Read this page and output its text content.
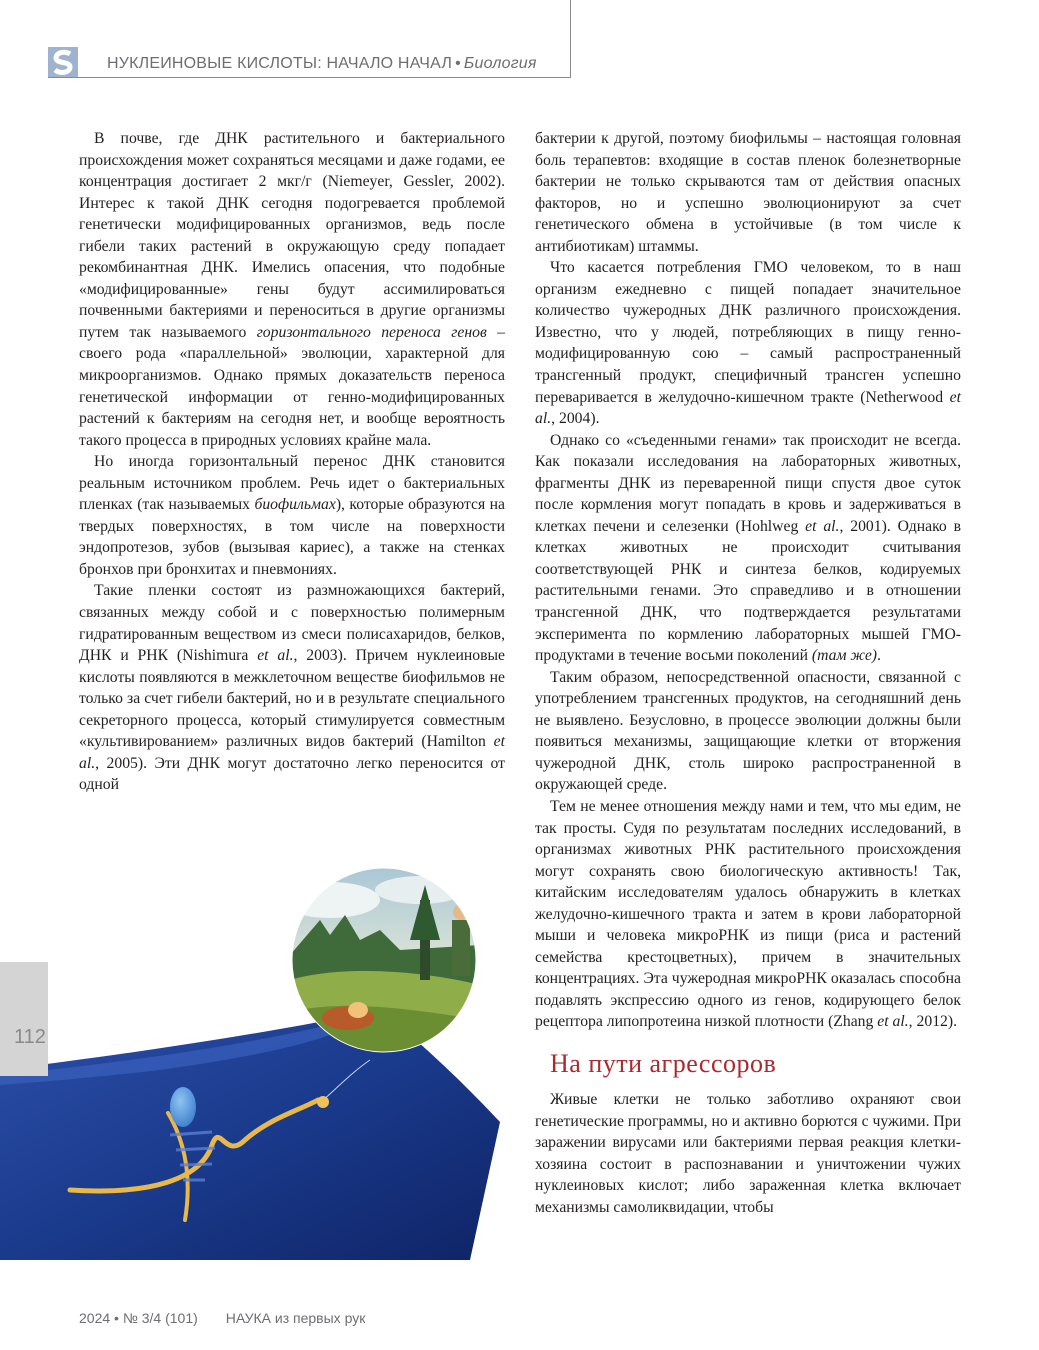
НУКЛЕИНОВЫЕ КИСЛОТЫ: НАЧАЛО НАЧАЛ • Биология

В почве, где ДНК растительного и бактериального происхождения может сохраняться месяцами и даже годами, ее концентрация достигает 2 мкг/г (Niemeyer, Gessler, 2002). Интерес к такой ДНК сегодня подогревается проблемой генетически модифицированных организмов, ведь после гибели таких растений в окружающую среду попадает рекомбинантная ДНК. Имелись опасения, что подобные «модифицированные» гены будут ассимилироваться почвенными бактериями и переноситься в другие организмы путем так называемого горизонтального переноса генов – своего рода «параллельной» эволюции, характерной для микроорганизмов. Однако прямых доказательств переноса генетической информации от генно-модифицированных растений к бактериям на сегодня нет, и вообще вероятность такого процесса в природных условиях крайне мала.

Но иногда горизонтальный перенос ДНК становится реальным источником проблем. Речь идет о бактериальных пленках (так называемых биофильмах), которые образуются на твердых поверхностях, в том числе на поверхности эндопротезов, зубов (вызывая кариес), а также на стенках бронхов при бронхитах и пневмониях.

Такие пленки состоят из размножающихся бактерий, связанных между собой и с поверхностью полимерным гидратированным веществом из смеси полисахаридов, белков, ДНК и РНК (Nishimura et al., 2003). Причем нуклеиновые кислоты появляются в межклеточном веществе биофильмов не только за счет гибели бактерий, но и в результате специального секреторного процесса, который стимулируется совместным «культивированием» различных видов бактерий (Hamilton et al., 2005). Эти ДНК могут достаточно легко переносится от одной

бактерии к другой, поэтому биофильмы – настоящая головная боль терапевтов: входящие в состав пленок болезнетворные бактерии не только скрываются там от действия опасных факторов, но и успешно эволюционируют за счет генетического обмена в устойчивые (в том числе к антибиотикам) штаммы.

Что касается потребления ГМО человеком, то в наш организм ежедневно с пищей попадает значительное количество чужеродных ДНК различного происхождения. Известно, что у людей, потребляющих в пищу генно-модифицированную сою – самый распространенный трансгенный продукт, специфичный трансген успешно переваривается в желудочно-кишечном тракте (Netherwood et al., 2004).

Однако со «съеденными генами» так происходит не всегда. Как показали исследования на лабораторных животных, фрагменты ДНК из переваренной пищи спустя двое суток после кормления могут попадать в кровь и задерживаться в клетках печени и селезенки (Hohlweg et al., 2001). Однако в клетках животных не происходит считывания соответствующей РНК и синтеза белков, кодируемых растительными генами. Это справедливо и в отношении трансгенной ДНК, что подтверждается результатами эксперимента по кормлению лабораторных мышей ГМО-продуктами в течение восьми поколений (там же).

Таким образом, непосредственной опасности, связанной с употреблением трансгенных продуктов, на сегодняшний день не выявлено. Безусловно, в процессе эволюции должны были появиться механизмы, защищающие клетки от вторжения чужеродной ДНК, столь широко распространенной в окружающей среде.

Тем не менее отношения между нами и тем, что мы едим, не так просты. Судя по результатам последних исследований, в организмах животных РНК растительного происхождения могут сохранять свою биологическую активность! Так, китайским исследователям удалось обнаружить в клетках желудочно-кишечного тракта и затем в крови лабораторной мыши и человека микроРНК из пищи (риса и растений семейства крестоцветных), причем в значительных концентрациях. Эта чужеродная микроРНК оказалась способна подавлять экспрессию одного из генов, кодирующего белок рецептора липопротеина низкой плотности (Zhang et al., 2012).

На пути агрессоров

Живые клетки не только заботливо охраняют свои генетические программы, но и активно борются с чужими. При заражении вирусами или бактериями первая реакция клетки-хозяина состоит в распознавании и уничтожении чужих нуклеиновых кислот; либо зараженная клетка включает механизмы самоликвидации, чтобы

112
2024 • № 3/4 (101) НАУКА из первых рук
